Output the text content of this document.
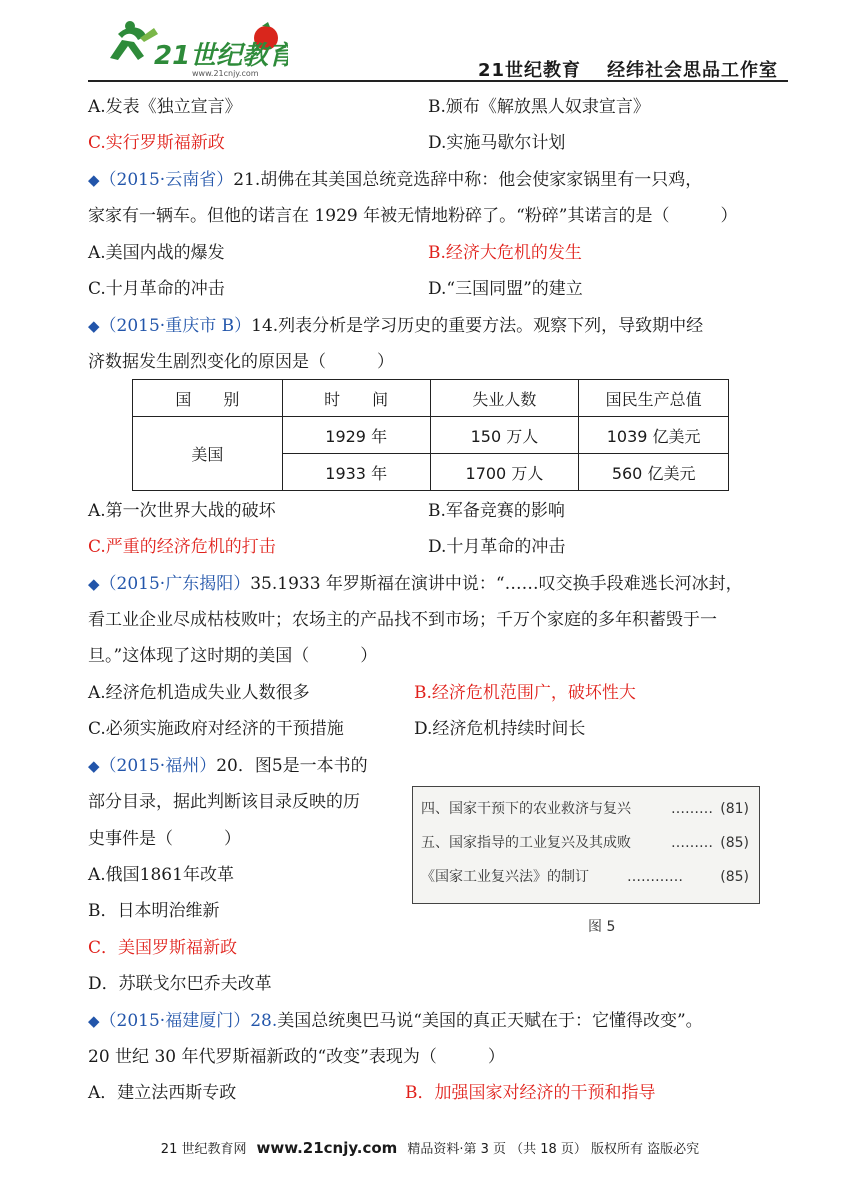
21世纪教育
www.21cnjy.com	21世纪教育 经纬社会思品工作室
A.发表《独立宣言》	B.颁布《解放黑人奴隶宣言》
C.实行罗斯福新政	D.实施马歇尔计划
◆（2015·云南省）21.胡佛在其美国总统竞选辞中称：他会使家家锅里有一只鸡，
家家有一辆车。但他的诺言在 1929 年被无情地粉碎了。“粉碎”其诺言的是（　　　）
A.美国内战的爆发	B.经济大危机的发生
C.十月革命的冲击	D.“三国同盟”的建立
◆（2015·重庆市 B）14.列表分析是学习历史的重要方法。观察下列，导致期中经
济数据发生剧烈变化的原因是（　　　）
国　　别	时　　间	失业人数	国民生产总值
美国	1929 年	150 万人	1039 亿美元
	1933 年	1700 万人	560 亿美元
A.第一次世界大战的破坏	B.军备竞赛的影响
C.严重的经济危机的打击	D.十月革命的冲击
◆（2015·广东揭阳）35.1933 年罗斯福在演讲中说：“……叹交换手段难逃长河冰封，
看工业企业尽成枯枝败叶；农场主的产品找不到市场；千万个家庭的多年积蓄毁于一
旦。”这体现了这时期的美国（　　　）
A.经济危机造成失业人数很多	B.经济危机范围广，破坏性大
C.必须实施政府对经济的干预措施	D.经济危机持续时间长
◆（2015·福州）20．图5是一本书的
部分目录，据此判断该目录反映的历
史事件是（　　　）
A.俄国1861年改革
B．日本明治维新
C．美国罗斯福新政
D．苏联戈尔巴乔夫改革
四、国家干预下的农业救济与复兴	……… (81)
五、国家指导的工业复兴及其成败	……… (85)
《国家工业复兴法》的制订	…………	(85)
图 5
◆（2015·福建厦门）28.美国总统奥巴马说“美国的真正天赋在于：它懂得改变”。
20 世纪 30 年代罗斯福新政的“改变”表现为（　　　）
A．建立法西斯专政	B．加强国家对经济的干预和指导
21 世纪教育网 www.21cnjy.com 精品资料·第 3 页 （共 18 页） 版权所有 盗版必究
